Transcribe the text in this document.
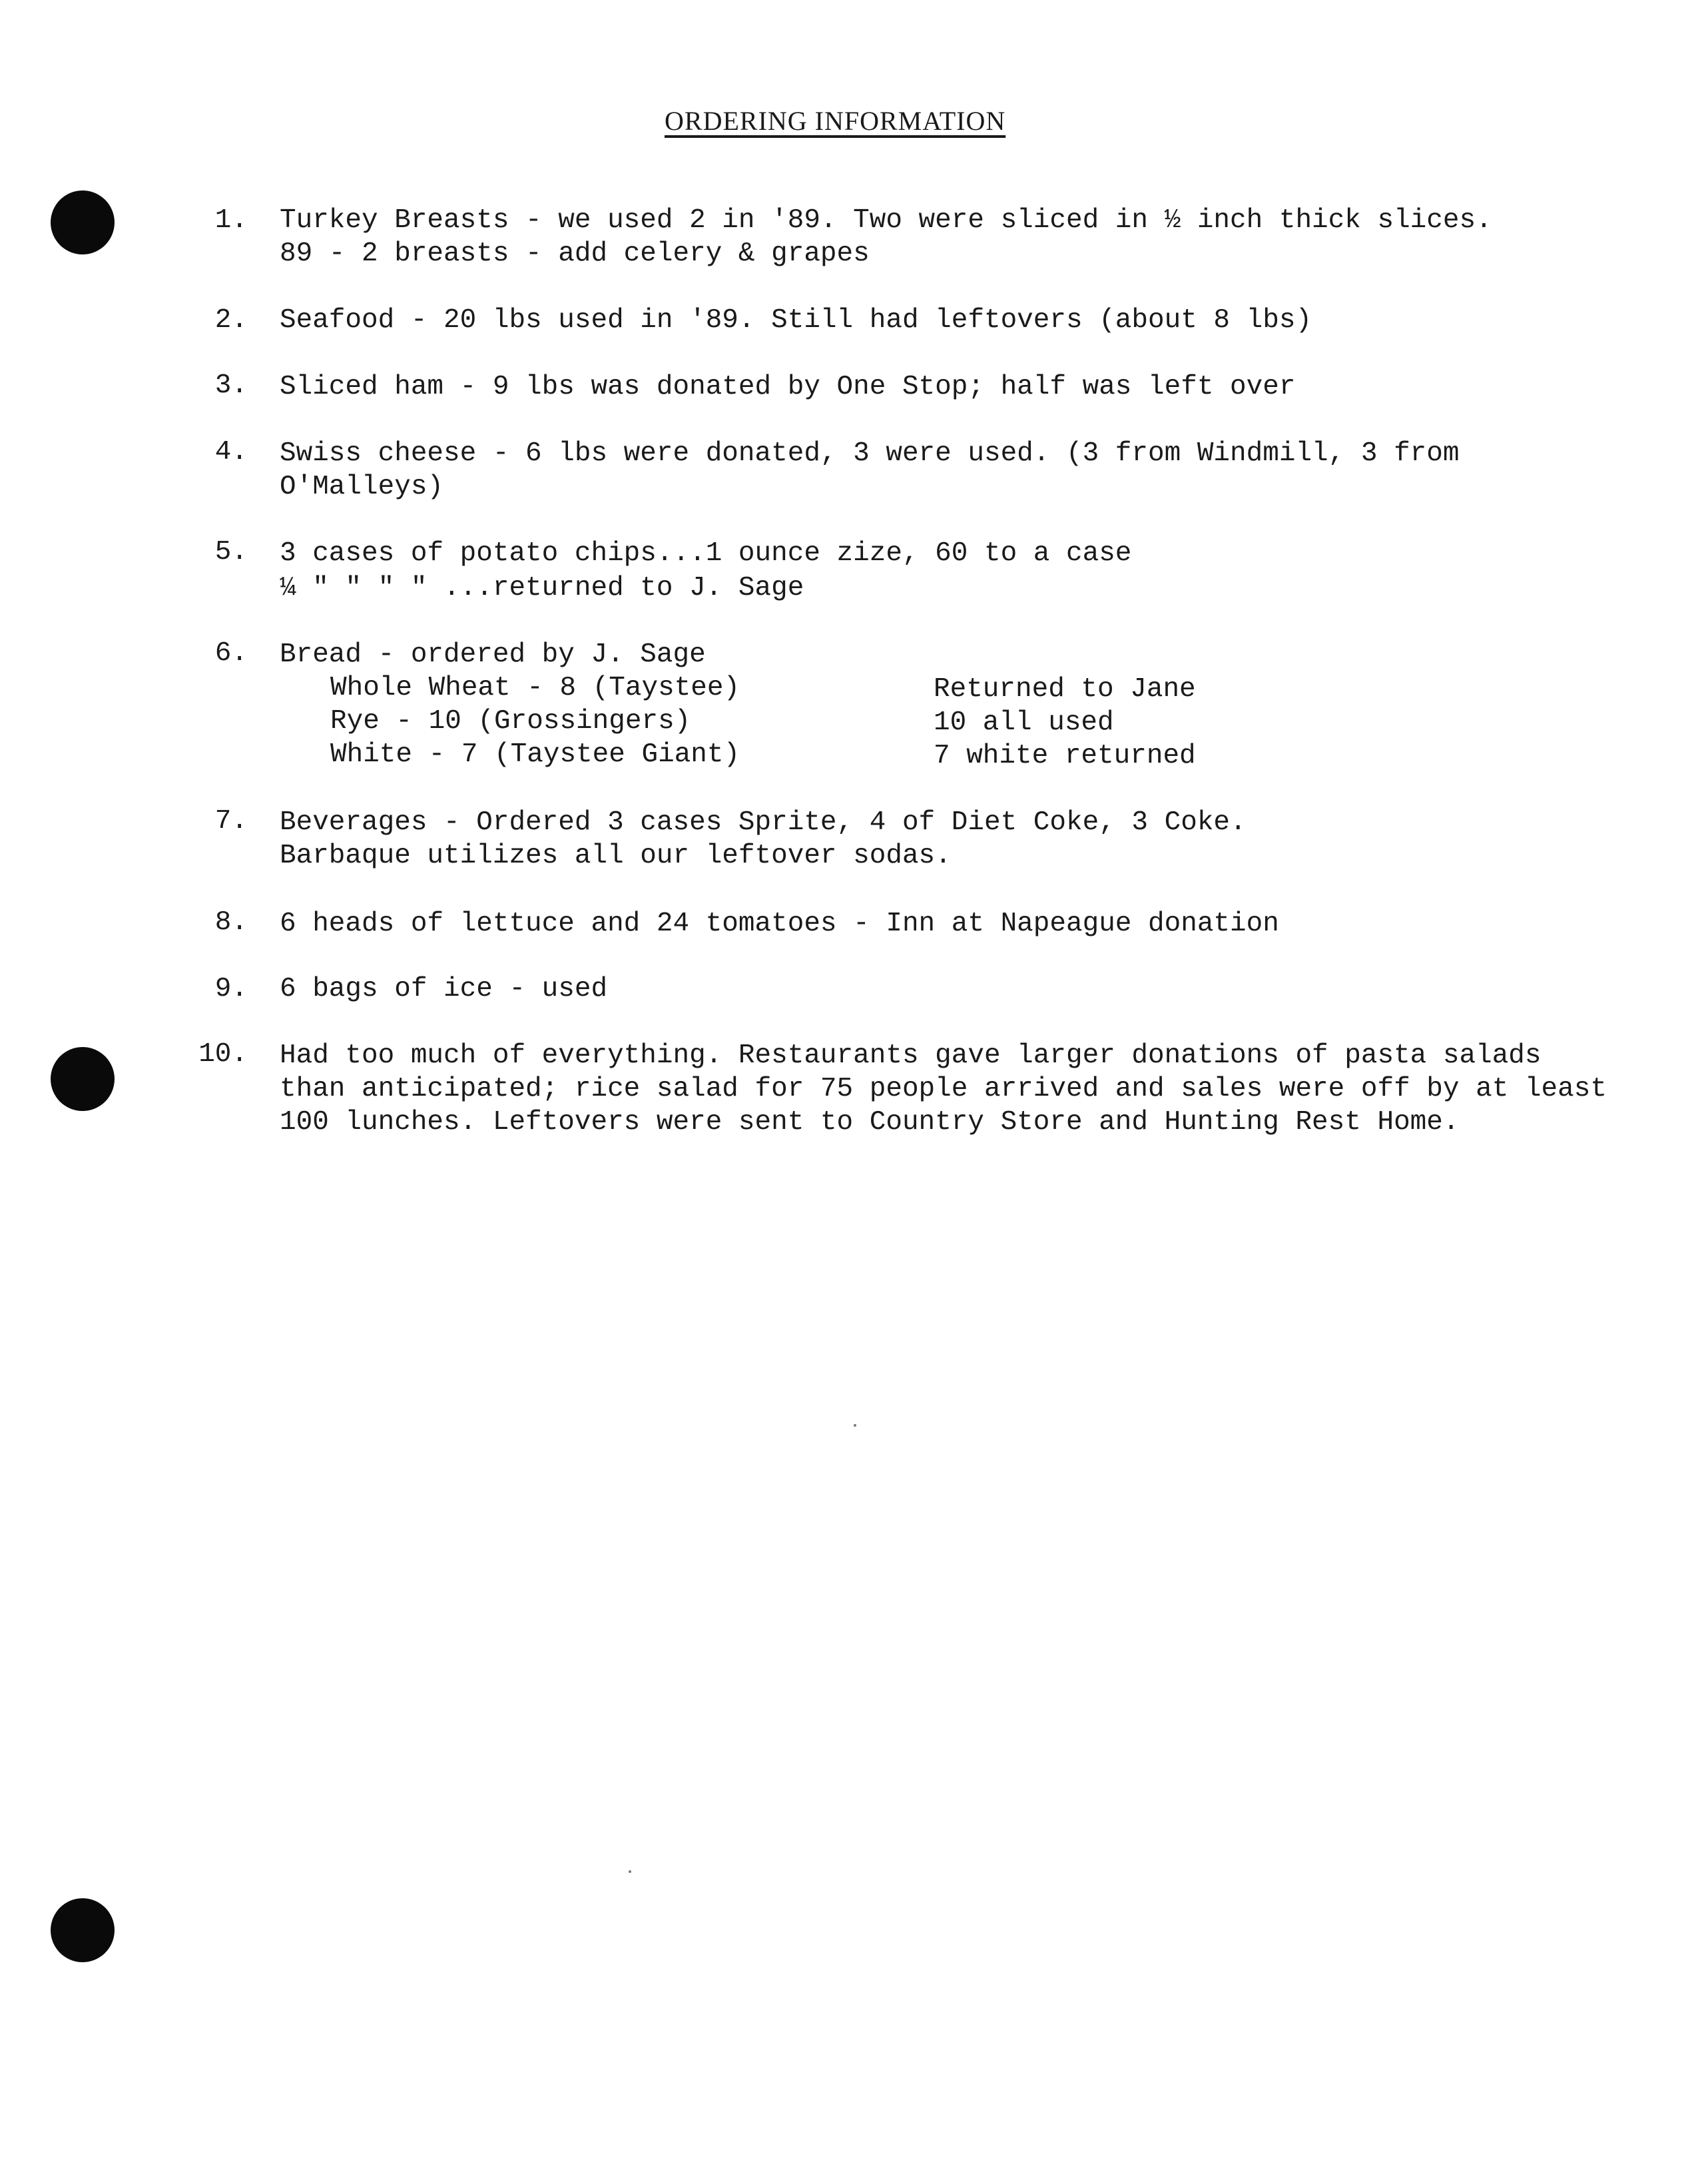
ORDERING INFORMATION
1. Turkey Breasts - we used 2 in '89. Two were sliced in ½ inch thick slices.
89 - 2 breasts - add celery & grapes
2. Seafood - 20 lbs used in '89. Still had leftovers (about 8 lbs)
3. Sliced ham - 9 lbs was donated by One Stop; half was left over
4. Swiss cheese - 6 lbs were donated, 3 were used. (3 from Windmill, 3 from
O'Malleys)
5. 3 cases of potato chips...1 ounce zize, 60 to a case
¼ " " " " ...returned to J. Sage
6. Bread - ordered by J. Sage
Whole Wheat - 8 (Taystee)	Returned to Jane
Rye - 10 (Grossingers)	10 all used
White - 7 (Taystee Giant)	7 white returned
7. Beverages - Ordered 3 cases Sprite, 4 of Diet Coke, 3 Coke.
Barbaque utilizes all our leftover sodas.
8. 6 heads of lettuce and 24 tomatoes - Inn at Napeague donation
9. 6 bags of ice - used
10. Had too much of everything. Restaurants gave larger donations of pasta salads
than anticipated; rice salad for 75 people arrived and sales were off by at least
100 lunches. Leftovers were sent to Country Store and Hunting Rest Home.
